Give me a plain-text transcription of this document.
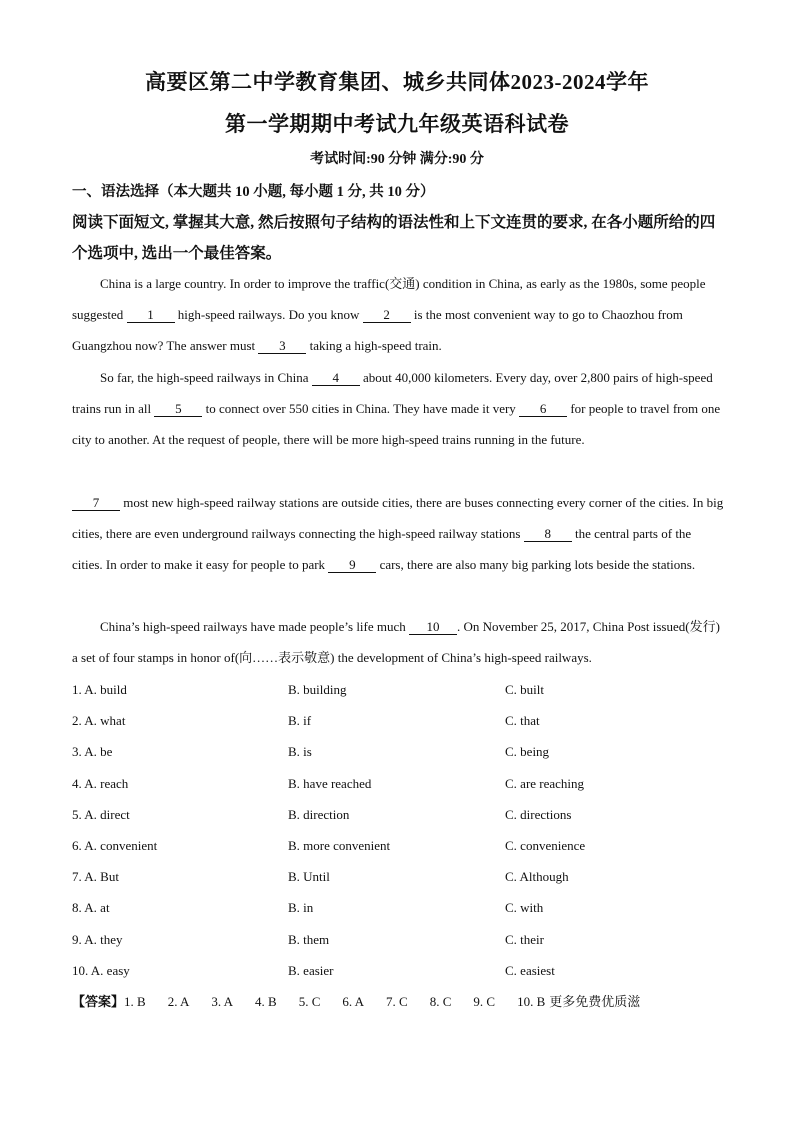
高要区第二中学教育集团、城乡共同体2023-2024学年
第一学期期中考试九年级英语科试卷
考试时间:90 分钟 满分:90 分
一、语法选择（本大题共 10 小题, 每小题 1 分, 共 10 分）
阅读下面短文, 掌握其大意, 然后按照句子结构的语法性和上下文连贯的要求, 在各小题所给的四个选项中, 选出一个最佳答案。
China is a large country. In order to improve the traffic(交通) condition in China, as early as the 1980s, some people suggested 1 high-speed railways. Do you know 2 is the most convenient way to go to Chaozhou from Guangzhou now? The answer must 3 taking a high-speed train.
So far, the high-speed railways in China 4 about 40,000 kilometers. Every day, over 2,800 pairs of high-speed trains run in all 5 to connect over 550 cities in China. They have made it very 6 for people to travel from one city to another. At the request of people, there will be more high-speed trains running in the future.
7 most new high-speed railway stations are outside cities, there are buses connecting every corner of the cities. In big cities, there are even underground railways connecting the high-speed railway stations 8 the central parts of the cities. In order to make it easy for people to park 9 cars, there are also many big parking lots beside the stations.
China’s high-speed railways have made people’s life much 10 . On November 25, 2017, China Post issued(发行) a set of four stamps in honor of(向……表示敬意) the development of China’s high-speed railways.
1. A. build	B. building	C. built
2. A. what	B. if	C. that
3. A. be	B. is	C. being
4. A. reach	B. have reached	C. are reaching
5. A. direct	B. direction	C. directions
6. A. convenient	B. more convenient	C. convenience
7. A. But	B. Until	C. Although
8. A. at	B. in	C. with
9. A. they	B. them	C. their
10. A. easy	B. easier	C. easiest
【答案】1. B 2. A 3. A 4. B 5. C 6. A 7. C 8. C 9. C 10. B 更多免费优质滋
